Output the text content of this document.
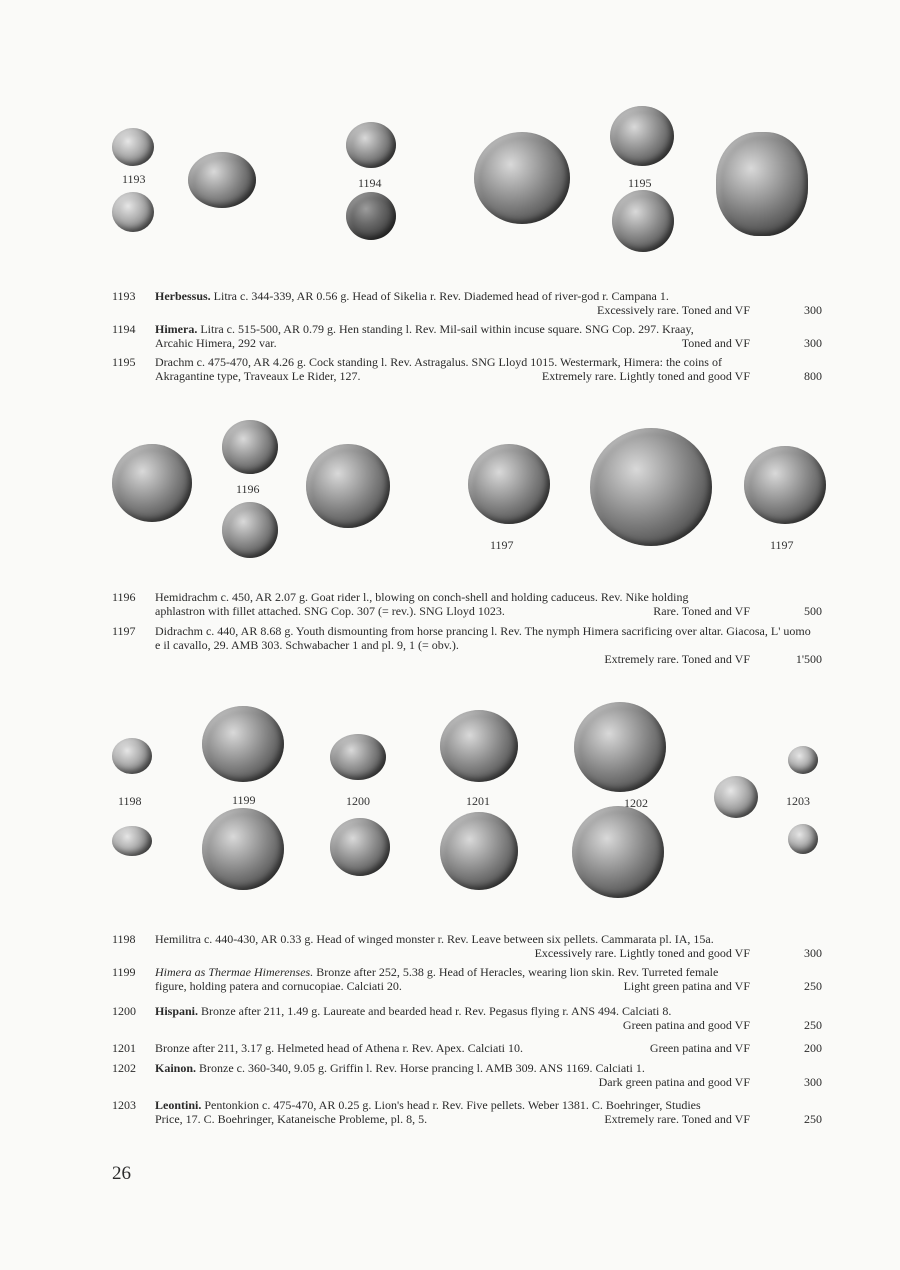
1193	1194	1195
1196
1197	1197
1198	1199	1200	1201	1202	1203
1193	Herbessus. Litra c. 344-339, AR 0.56 g. Head of Sikelia r. Rev. Diademed head of river-god r. Campana 1.
Excessively rare. Toned and VF	300
1194	Himera. Litra c. 515-500, AR 0.79 g. Hen standing l. Rev. Mil-sail within incuse square. SNG Cop. 297. Kraay,
Arcahic Himera, 292 var.	Toned and VF	300
1195	Drachm c. 475-470, AR 4.26 g. Cock standing l. Rev. Astragalus. SNG Lloyd 1015. Westermark, Himera: the coins of
Akragantine type, Traveaux Le Rider, 127.	Extremely rare. Lightly toned and good VF	800
1196	Hemidrachm c. 450, AR 2.07 g. Goat rider l., blowing on conch-shell and holding caduceus. Rev. Nike holding
aphlastron with fillet attached. SNG Cop. 307 (= rev.). SNG Lloyd 1023.	Rare. Toned and VF	500
1197	Didrachm c. 440, AR 8.68 g. Youth dismounting from horse prancing l. Rev. The nymph Himera sacrificing over altar. Giacosa, L' uomo e il cavallo, 29. AMB 303. Schwabacher 1 and pl. 9, 1 (= obv.).
Extremely rare. Toned and VF	1'500
1198	Hemilitra c. 440-430, AR 0.33 g. Head of winged monster r. Rev. Leave between six pellets. Cammarata pl. IA, 15a.
Excessively rare. Lightly toned and good VF	300
1199	Himera as Thermae Himerenses. Bronze after 252, 5.38 g. Head of Heracles, wearing lion skin. Rev. Turreted female
figure, holding patera and cornucopiae. Calciati 20.	Light green patina and VF	250
1200	Hispani. Bronze after 211, 1.49 g. Laureate and bearded head r. Rev. Pegasus flying r. ANS 494. Calciati 8.
Green patina and good VF	250
1201	Bronze after 211, 3.17 g. Helmeted head of Athena r. Rev. Apex. Calciati 10.	Green patina and VF	200
1202	Kainon. Bronze c. 360-340, 9.05 g. Griffin l. Rev. Horse prancing l. AMB 309. ANS 1169. Calciati 1.
Dark green patina and good VF	300
1203	Leontini. Pentonkion c. 475-470, AR 0.25 g. Lion's head r. Rev. Five pellets. Weber 1381. C. Boehringer, Studies
Price, 17. C. Boehringer, Kataneische Probleme, pl. 8, 5.	Extremely rare. Toned and VF	250
26
